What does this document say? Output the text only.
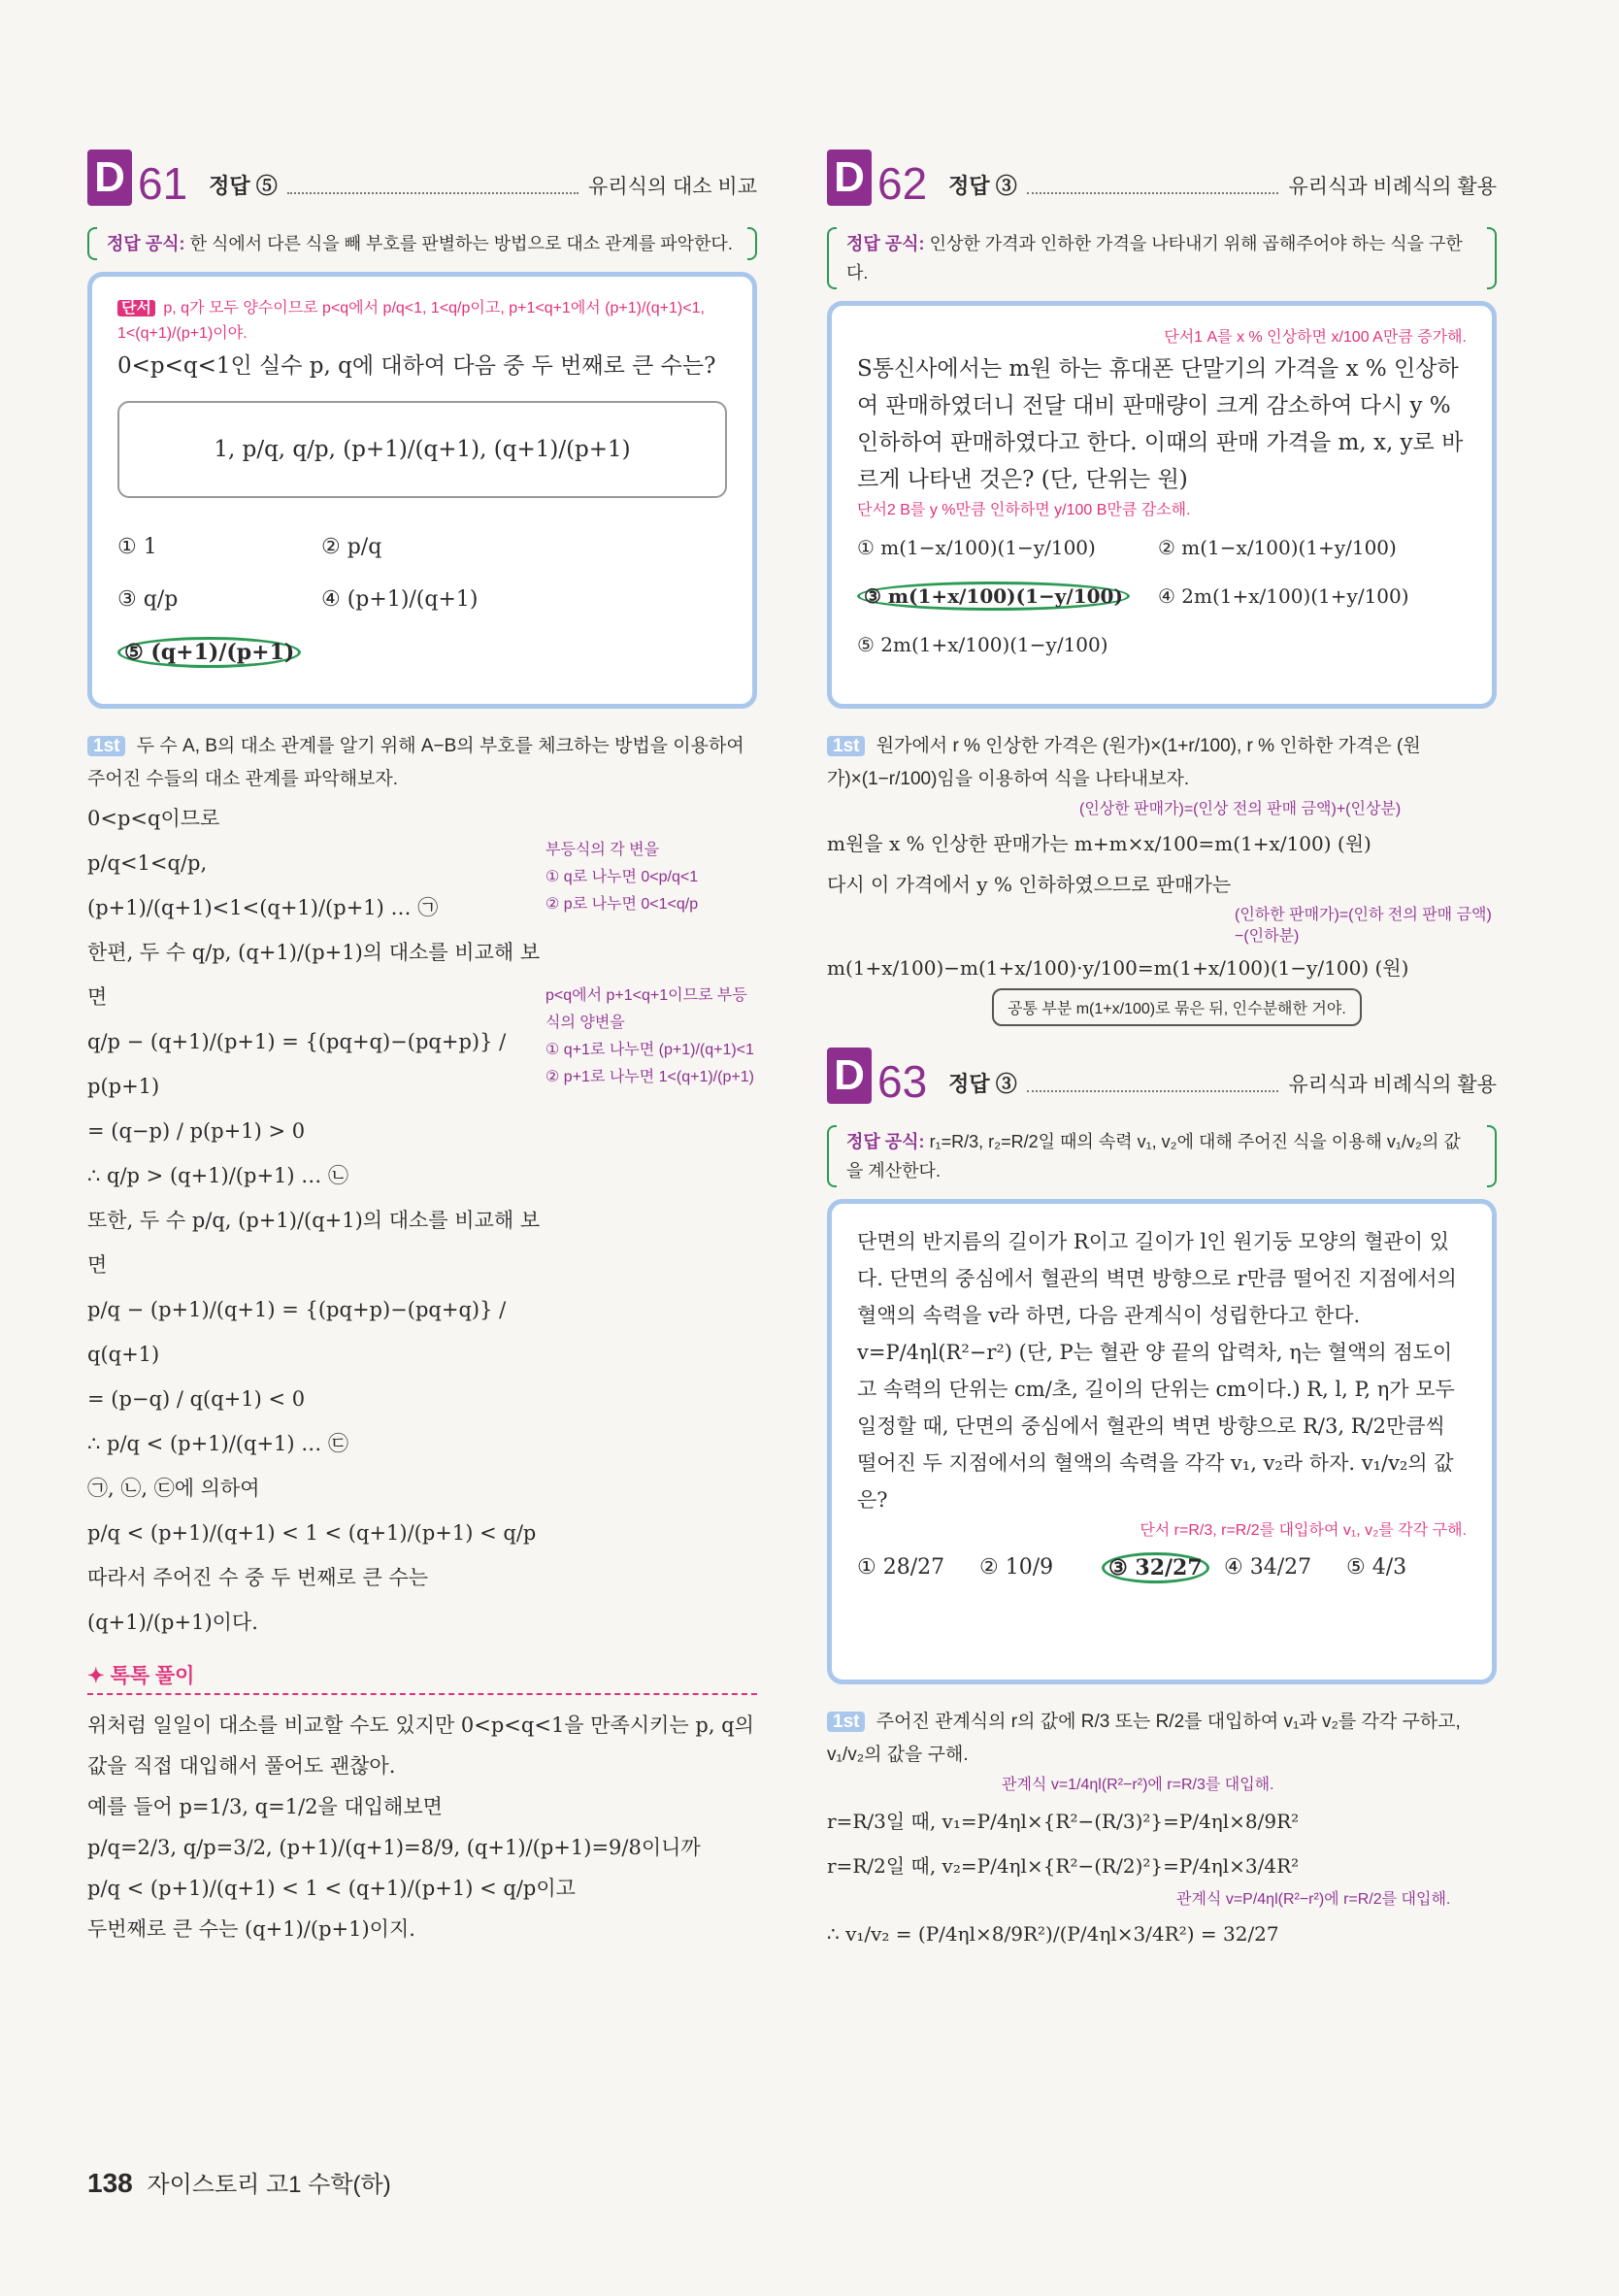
D 61 정답 ⑤	유리식의 대소 비교
정답 공식: 한 식에서 다른 식을 빼 부호를 판별하는 방법으로 대소 관계를 파악한다.
단서 p, q가 모두 양수이므로 p<q에서 p/q<1, 1<q/p이고, p+1<q+1에서 (p+1)/(q+1)<1, 1<(q+1)/(p+1)이야.
0<p<q<1인 실수 p, q에 대하여 다음 중 두 번째로 큰 수는?
1, p/q, q/p, (p+1)/(q+1), (q+1)/(p+1)
① 1	② p/q
③ q/p	④ (p+1)/(q+1)
⑤ (q+1)/(p+1)
1st 두 수 A, B의 대소 관계를 알기 위해 A−B의 부호를 체크하는 방법을 이용하여 주어진 수들의 대소 관계를 파악해보자.
0<p<q이므로
p/q<1<q/p,
(p+1)/(q+1)<1<(q+1)/(p+1) … ㉠
한편, 두 수 q/p, (q+1)/(p+1)의 대소를 비교해 보면
q/p − (q+1)/(p+1) = {(pq+q)−(pq+p)} / p(p+1)
= (q−p) / p(p+1) > 0
∴ q/p > (q+1)/(p+1) … ㉡
또한, 두 수 p/q, (p+1)/(q+1)의 대소를 비교해 보면
p/q − (p+1)/(q+1) = {(pq+p)−(pq+q)} / q(q+1)
= (p−q) / q(q+1) < 0
∴ p/q < (p+1)/(q+1) … ㉢
㉠, ㉡, ㉢에 의하여
p/q < (p+1)/(q+1) < 1 < (q+1)/(p+1) < q/p
따라서 주어진 수 중 두 번째로 큰 수는 (q+1)/(p+1)이다.
부등식의 각 변을
① q로 나누면 0<p/q<1
② p로 나누면 0<1<q/p
p<q에서 p+1<q+1이므로 부등식의 양변을
① q+1로 나누면 (p+1)/(q+1)<1
② p+1로 나누면 1<(q+1)/(p+1)
✦ 톡톡 풀이
위처럼 일일이 대소를 비교할 수도 있지만 0<p<q<1을 만족시키는 p, q의 값을 직접 대입해서 풀어도 괜찮아.
예를 들어 p=1/3, q=1/2을 대입해보면
p/q=2/3, q/p=3/2, (p+1)/(q+1)=8/9, (q+1)/(p+1)=9/8이니까
p/q < (p+1)/(q+1) < 1 < (q+1)/(p+1) < q/p이고
두번째로 큰 수는 (q+1)/(p+1)이지.
D 62 정답 ③	유리식과 비례식의 활용
정답 공식: 인상한 가격과 인하한 가격을 나타내기 위해 곱해주어야 하는 식을 구한다.
단서1 A를 x % 인상하면 x/100 A만큼 증가해.
S통신사에서는 m원 하는 휴대폰 단말기의 가격을 x % 인상하여 판매하였더니 전달 대비 판매량이 크게 감소하여 다시 y % 인하하여 판매하였다고 한다. 이때의 판매 가격을 m, x, y로 바르게 나타낸 것은? (단, 단위는 원)
단서2 B를 y %만큼 인하하면 y/100 B만큼 감소해.
① m(1−x/100)(1−y/100)	② m(1−x/100)(1+y/100)
③ m(1+x/100)(1−y/100)	④ 2m(1+x/100)(1+y/100)
⑤ 2m(1+x/100)(1−y/100)
1st 원가에서 r % 인상한 가격은 (원가)×(1+r/100), r % 인하한 가격은 (원가)×(1−r/100)임을 이용하여 식을 나타내보자.
(인상한 판매가)=(인상 전의 판매 금액)+(인상분)
m원을 x % 인상한 판매가는 m+m×x/100=m(1+x/100) (원)
다시 이 가격에서 y % 인하하였으므로 판매가는
(인하한 판매가)=(인하 전의 판매 금액)−(인하분)
m(1+x/100)−m(1+x/100)·y/100=m(1+x/100)(1−y/100) (원)
공통 부분 m(1+x/100)로 묶은 뒤, 인수분해한 거야.
D 63 정답 ③	유리식과 비례식의 활용
정답 공식: r₁=R/3, r₂=R/2일 때의 속력 v₁, v₂에 대해 주어진 식을 이용해 v₁/v₂의 값을 계산한다.
단면의 반지름의 길이가 R이고 길이가 l인 원기둥 모양의 혈관이 있다. 단면의 중심에서 혈관의 벽면 방향으로 r만큼 떨어진 지점에서의 혈액의 속력을 v라 하면, 다음 관계식이 성립한다고 한다. v=P/4ηl(R²−r²) (단, P는 혈관 양 끝의 압력차, η는 혈액의 점도이고 속력의 단위는 cm/초, 길이의 단위는 cm이다.) R, l, P, η가 모두 일정할 때, 단면의 중심에서 혈관의 벽면 방향으로 R/3, R/2만큼씩 떨어진 두 지점에서의 혈액의 속력을 각각 v₁, v₂라 하자. v₁/v₂의 값은?
단서 r=R/3, r=R/2를 대입하여 v₁, v₂를 각각 구해.
① 28/27	② 10/9	③ 32/27	④ 34/27	⑤ 4/3
1st 주어진 관계식의 r의 값에 R/3 또는 R/2를 대입하여 v₁과 v₂를 각각 구하고, v₁/v₂의 값을 구해.
관계식 v=1/4ηl(R²−r²)에 r=R/3를 대입해.
r=R/3일 때, v₁=P/4ηl×{R²−(R/3)²}=P/4ηl×8/9R²
r=R/2일 때, v₂=P/4ηl×{R²−(R/2)²}=P/4ηl×3/4R²
관계식 v=P/4ηl(R²−r²)에 r=R/2를 대입해.
∴ v₁/v₂ = (P/4ηl×8/9R²)/(P/4ηl×3/4R²) = 32/27
138 자이스토리 고1 수학(하)
